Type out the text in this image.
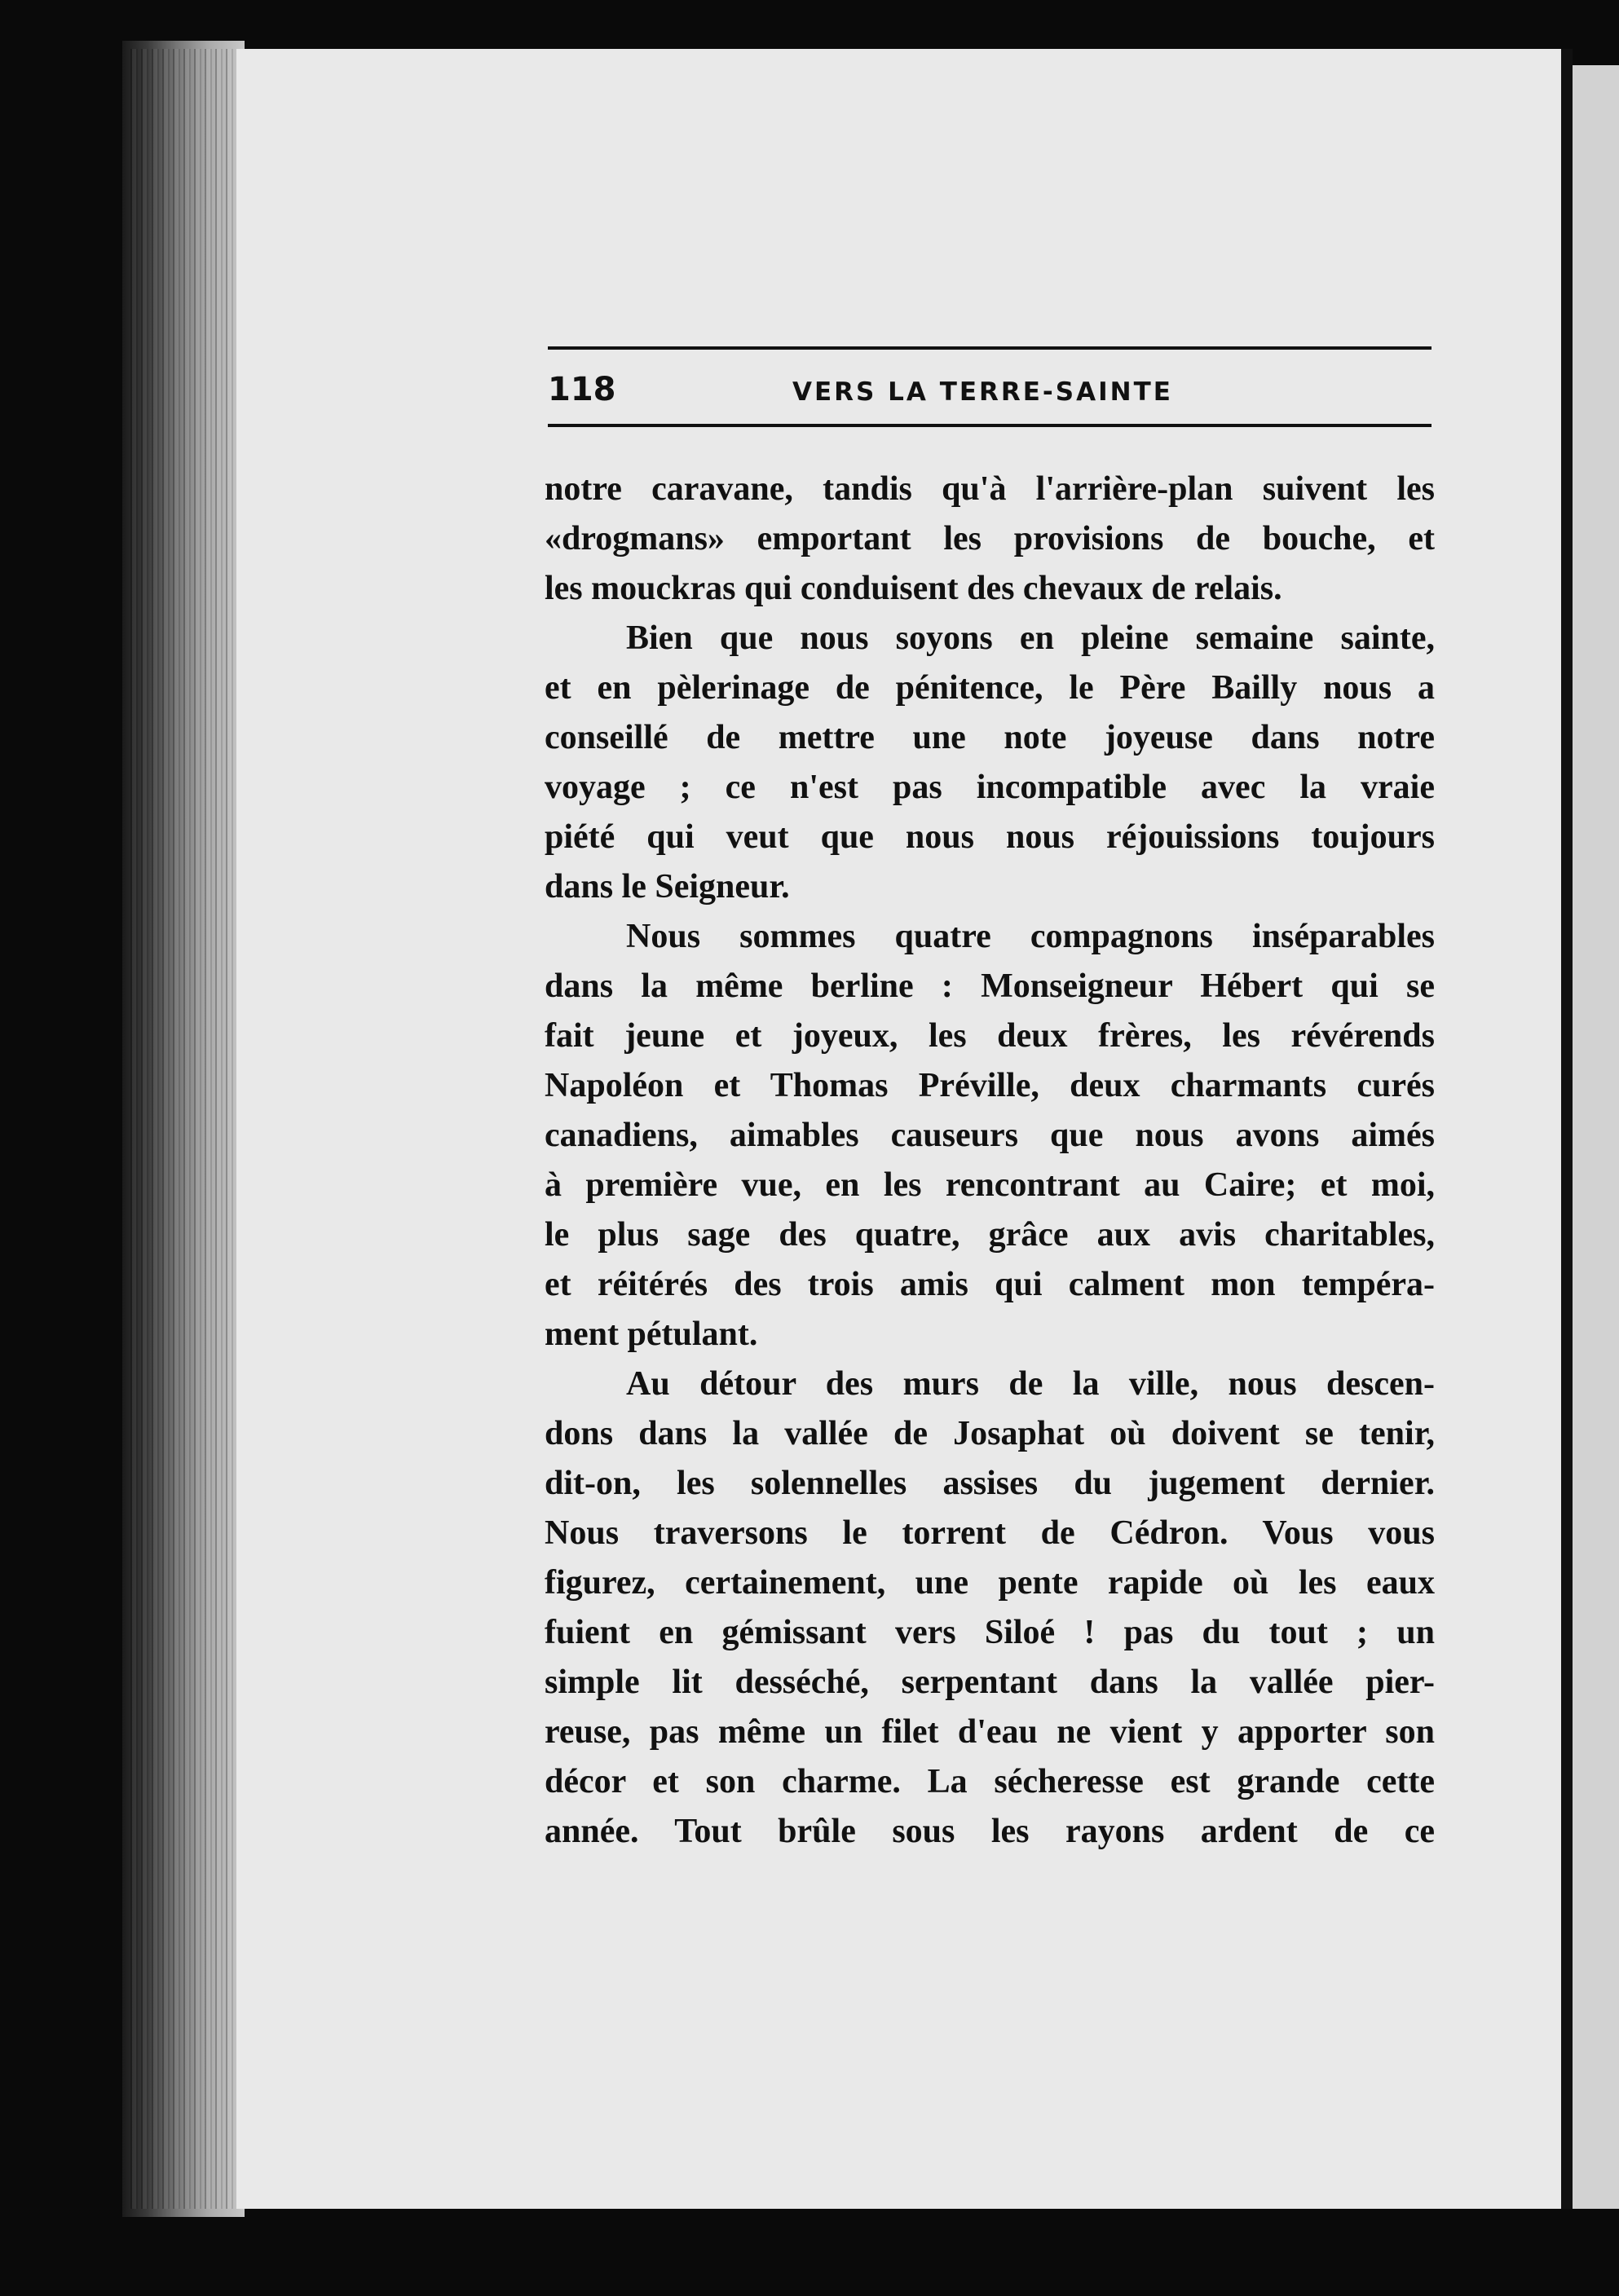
118	VERS LA TERRE-SAINTE
notre caravane, tandis qu'à l'arrière-plan suivent les
«drogmans» emportant les provisions de bouche, et
les mouckras qui conduisent des chevaux de relais.
Bien que nous soyons en pleine semaine sainte,
et en pèlerinage de pénitence, le Père Bailly nous a
conseillé de mettre une note joyeuse dans notre
voyage ; ce n'est pas incompatible avec la vraie
piété qui veut que nous nous réjouissions toujours
dans le Seigneur.
Nous sommes quatre compagnons inséparables
dans la même berline : Monseigneur Hébert qui se
fait jeune et joyeux, les deux frères, les révérends
Napoléon et Thomas Préville, deux charmants curés
canadiens, aimables causeurs que nous avons aimés
à première vue, en les rencontrant au Caire; et moi,
le plus sage des quatre, grâce aux avis charitables,
et réitérés des trois amis qui calment mon tempéra-
ment pétulant.
Au détour des murs de la ville, nous descen-
dons dans la vallée de Josaphat où doivent se tenir,
dit-on, les solennelles assises du jugement dernier.
Nous traversons le torrent de Cédron. Vous vous
figurez, certainement, une pente rapide où les eaux
fuient en gémissant vers Siloé ! pas du tout ; un
simple lit desséché, serpentant dans la vallée pier-
reuse, pas même un filet d'eau ne vient y apporter son
décor et son charme. La sécheresse est grande cette
année. Tout brûle sous les rayons ardent de ce
